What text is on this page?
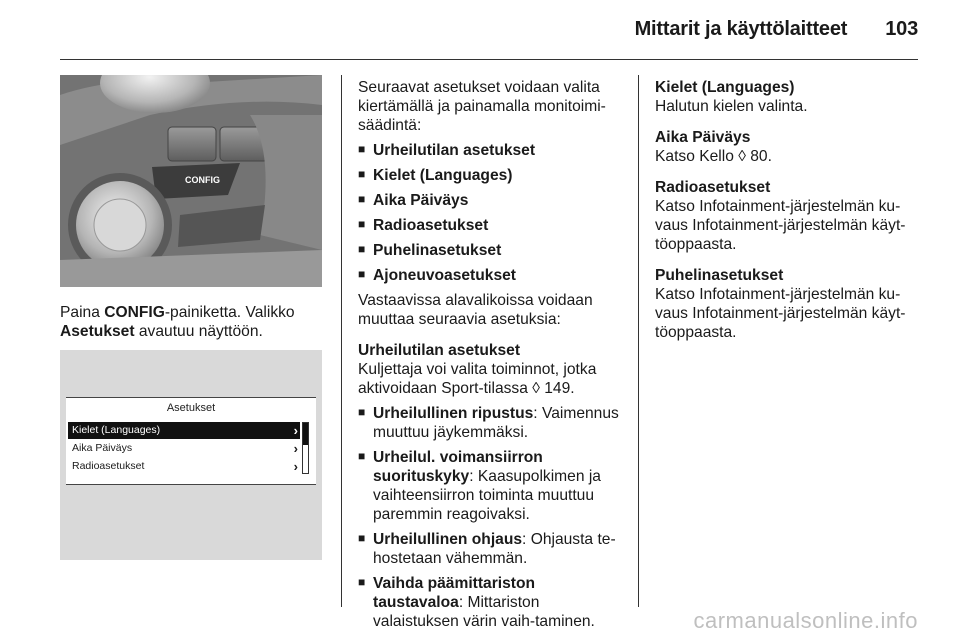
Mittarit ja käyttölaitteet 103
CONFIG
Paina CONFIG-painiketta. Valikko
Asetukset avautuu näyttöön.
Asetukset
Kielet (Languages)	›
Aika Päiväys	›
Radioasetukset	›

Seuraavat asetukset voidaan valita kiertämällä ja painamalla monitoimi-säädintä:

■ Urheilutilan asetukset
■ Kielet (Languages)
■ Aika Päiväys
■ Radioasetukset
■ Puhelinasetukset
■ Ajoneuvoasetukset

Vastaavissa alavalikoissa voidaan muuttaa seuraavia asetuksia:

Urheilutilan asetukset

Kuljettaja voi valita toiminnot, jotka aktivoidaan Sport-tilassa ◊ 149.

■ Urheilullinen ripustus: Vaimennus muuttuu jäykemmäksi.
■ Urheilul. voimansiirron suorituskyky: Kaasupolkimen ja vaihteensiirron toiminta muuttuu paremmin reagoivaksi.
■ Urheilullinen ohjaus: Ohjausta te-hostetaan vähemmän.
■ Vaihda päämittariston taustavaloa: Mittariston valaistuksen värin vaih-taminen.

Kielet (Languages)

Halutun kielen valinta.

Aika Päiväys

Katso Kello ◊ 80.

Radioasetukset

Katso Infotainment-järjestelmän ku-vaus Infotainment-järjestelmän käyt-töoppaasta.

Puhelinasetukset

Katso Infotainment-järjestelmän ku-vaus Infotainment-järjestelmän käyt-töoppaasta.

carmanualsonline.info
